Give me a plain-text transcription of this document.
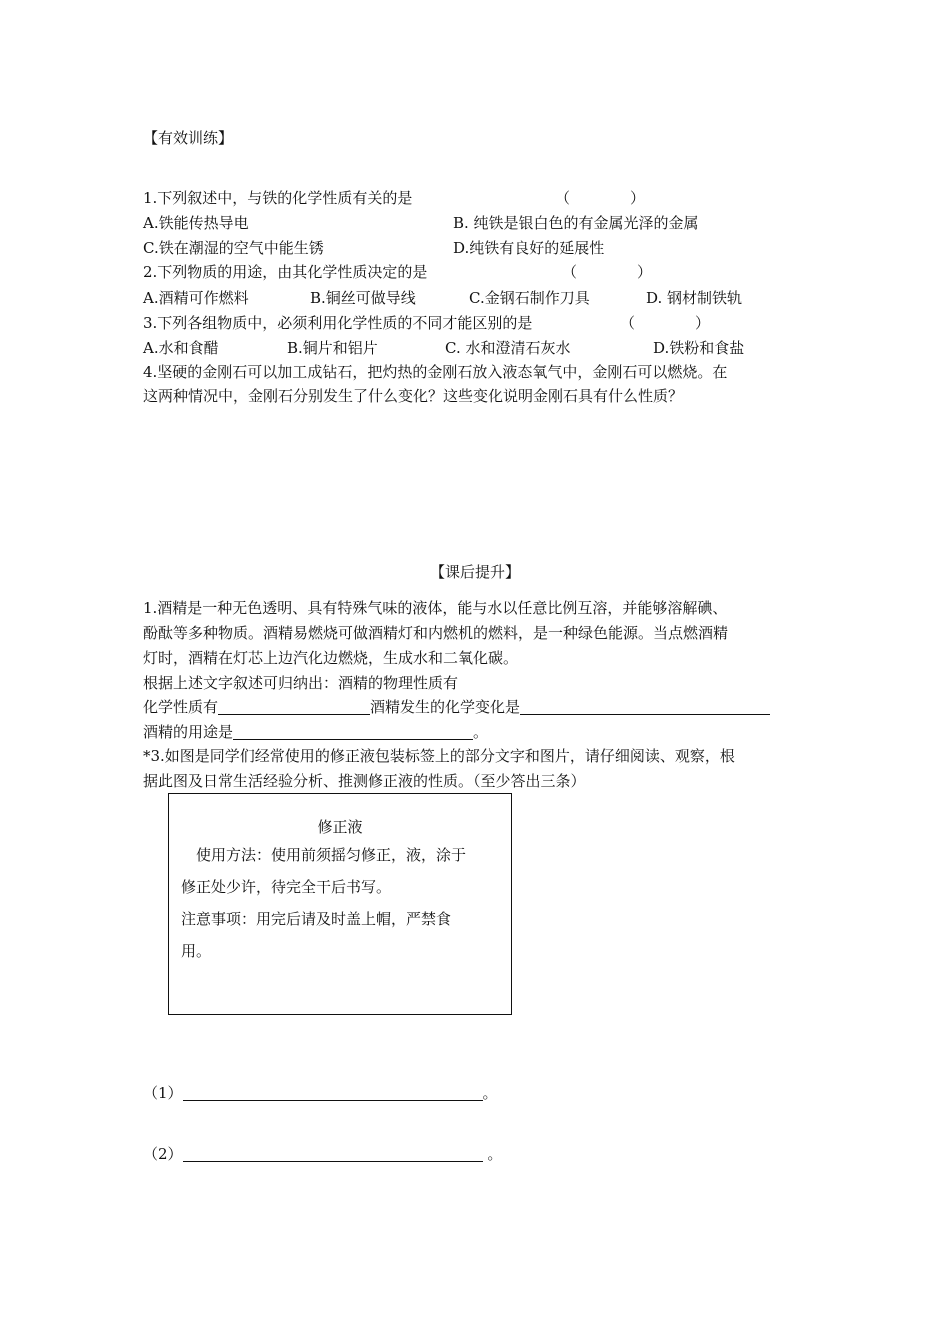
【有效训练】
1.下列叙述中，与铁的化学性质有关的是	（　　　　）
A.铁能传热导电	B. 纯铁是银白色的有金属光泽的金属
C.铁在潮湿的空气中能生锈	D.纯铁有良好的延展性
2.下列物质的用途，由其化学性质决定的是	（　　　　）
A.酒精可作燃料	B.铜丝可做导线	C.金钢石制作刀具	D. 钢材制铁轨
3.下列各组物质中，必须利用化学性质的不同才能区别的是	（　　　　）
A.水和食醋	B.铜片和铝片	C. 水和澄清石灰水	D.铁粉和食盐
4.坚硬的金刚石可以加工成钻石，把灼热的金刚石放入液态氧气中，金刚石可以燃烧。在
这两种情况中，金刚石分别发生了什么变化？这些变化说明金刚石具有什么性质？
【课后提升】
1.酒精是一种无色透明、具有特殊气味的液体，能与水以任意比例互溶，并能够溶解碘、
酚酞等多种物质。酒精易燃烧可做酒精灯和内燃机的燃料，是一种绿色能源。当点燃酒精
灯时，酒精在灯芯上边汽化边燃烧，生成水和二氧化碳。
根据上述文字叙述可归纳出：酒精的物理性质有
化学性质有	酒精发生的化学变化是
酒精的用途是	。
*3.如图是同学们经常使用的修正液包装标签上的部分文字和图片，请仔细阅读、观察，根
据此图及日常生活经验分析、推测修正液的性质。（至少答出三条）
修正液
　使用方法：使用前须摇匀修正，液，涂于
修正处少许，待完全干后书写。
注意事项：用完后请及时盖上帽，严禁食
用。
（1）	。
（2）	。
